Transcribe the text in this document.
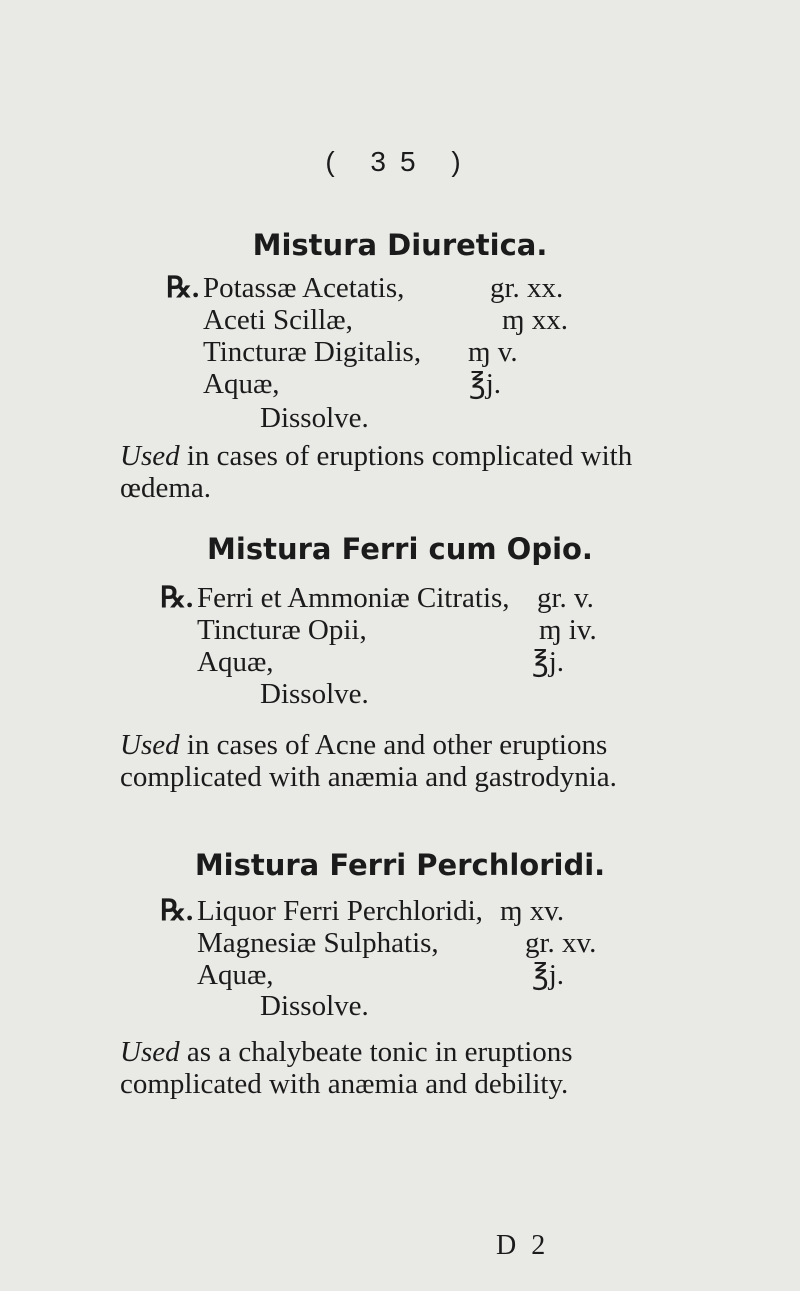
( 35 )
Mistura Diuretica.
℞. Potassæ Acetatis,	gr. xx.
Aceti Scillæ,	ɱ xx.
Tincturæ Digitalis, ɱ v.
Aquæ,	℥j.
Dissolve.
Used in cases of eruptions complicated with œdema.
Mistura Ferri cum Opio.
℞. Ferri et Ammoniæ Citratis, gr. v.
Tincturæ Opii,	ɱ iv.
Aquæ,	℥j.
Dissolve.
Used in cases of Acne and other eruptions complicated with anæmia and gastrodynia.
Mistura Ferri Perchloridi.
℞. Liquor Ferri Perchloridi, ɱ xv.
Magnesiæ Sulphatis,	gr. xv.
Aquæ,	℥j.
Dissolve.
Used as a chalybeate tonic in eruptions complicated with anæmia and debility.
D 2
